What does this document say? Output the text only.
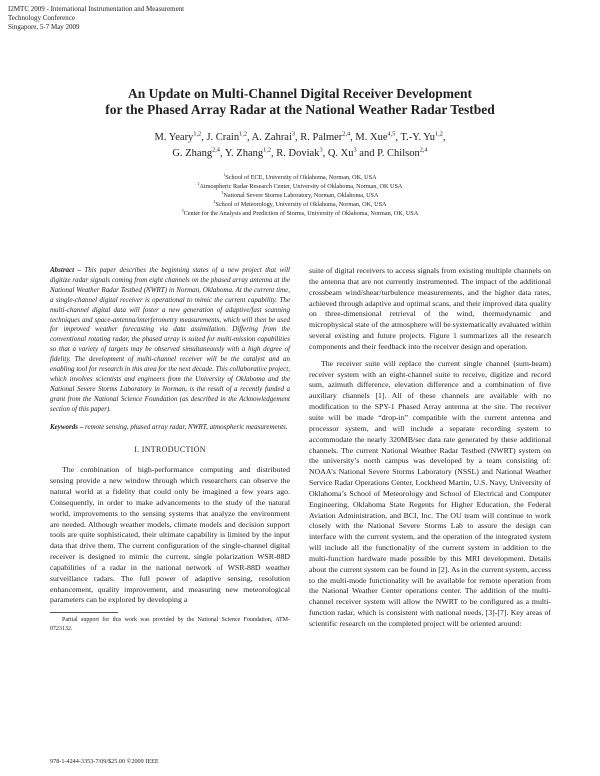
I2MTC 2009 - International Instrumentation and Measurement
Technology Conference
Singapore, 5-7 May 2009
An Update on Multi-Channel Digital Receiver Development
for the Phased Array Radar at the National Weather Radar Testbed
M. Yeary$^{1,2}$, J. Crain$^{1,2}$, A. Zahrai$^3$, R. Palmer$^{2,4}$, M. Xue$^{4,5}$, T.-Y. Yu$^{1,2}$,
G. Zhang$^{2,4}$, Y. Zhang$^{1,2}$, R. Doviak$^3$, Q. Xu$^3$ and P. Chilson$^{2,4}$
$^1$School of ECE, University of Oklahoma, Norman, OK, USA
$^2$Atmospheric Radar Research Center, University of Oklahoma, Norman, OK USA
$^3$National Severe Storms Laboratory, Norman, Oklahoma, USA
$^4$School of Meteorology, University of Oklahoma, Norman, OK, USA
$^5$Center for the Analysis and Prediction of Storms, University of Oklahoma, Norman, OK, USA
Abstract – This paper describes the beginning states of a new project that will digitize radar signals coming from eight channels on the phased array antenna at the National Weather Radar Testbed (NWRT) in Norman, Oklahoma. At the current time, a single-channel digital receiver is operational to mimic the current capability. The multi-channel digital data will foster a new generation of adaptive/fast scanning techniques and space-antenna/interferometry measurements, which will then be used for improved weather forecasting via data assimilation. Differing from the conventional rotating radar, the phased array is suited for multi-mission capabilities so that a variety of targets may be observed simultaneously with a high degree of fidelity. The development of multi-channel receiver will be the catalyst and an enabling tool for research in this area for the next decade. This collaborative project, which involves scientists and engineers from the University of Oklahoma and the National Severe Storms Laboratory in Norman, is the result of a recently funded a grant from the National Science Foundation (as described in the Acknowledgement section of this paper).
Keywords – remote sensing, phased array radar, NWRT, atmospheric measurements.
I. INTRODUCTION

The combination of high-performance computing and distributed sensing provide a new window through which researchers can observe the natural world at a fidelity that could only be imagined a few years ago. Consequently, in order to make advancements to the study of the natural world, improvements to the sensing systems that analyze the environment are needed. Although weather models, climate models and decision support tools are quite sophisticated, their ultimate capability is limited by the input data that drive them. The current configuration of the single-channel digital receiver is designed to mimic the current, single polarization WSR-88D capabilities of a radar in the national network of WSR-88D weather surveillance radars. The full power of adaptive sensing, resolution enhancement, quality improvement, and measuring new meteorological parameters can be explored by developing a

Partial support for this work was provided by the National Science Foundation, ATM-0723132.

suite of digital receivers to access signals from existing multiple channels on the antenna that are not currently instrumented. The impact of the additional crossbeam wind/shear/turbulence measurements, and the higher data rates, achieved through adaptive and optimal scans, and their improved data quality on three-dimensional retrieval of the wind, thermodynamic and microphysical state of the atmosphere will be systematically evaluated within several existing and future projects. Figure 1 summarizes all the research components and their feedback into the receiver design and operation.

The receiver suite will replace the current single channel (sum-beam) receiver system with an eight-channel suite to receive, digitize and record sum, azimuth difference, elevation difference and a combination of five auxiliary channels [1]. All of these channels are available with no modification to the SPY-1 Phased Array antenna at the site. The receiver suite will be made “drop-in” compatible with the current antenna and processor system, and will include a separate recording system to accommodate the nearly 320MB/sec data rate generated by these additional channels. The current National Weather Radar Testbed (NWRT) system on the university’s north campus was developed by a team consisting of: NOAA’s National Severe Storms Laboratory (NSSL) and National Weather Service Radar Operations Center, Lockheed Martin, U.S. Navy, University of Oklahoma’s School of Meteorology and School of Electrical and Computer Engineering, Oklahoma State Regents for Higher Education, the Federal Aviation Administration, and BCI, Inc. The OU team will continue to work closely with the National Severe Storms Lab to assure the design can interface with the current system, and the operation of the integrated system will include all the functionality of the current system in addition to the multi-function hardware made possible by this MRI development. Details about the current system can be found in [2]. As in the current system, access to the multi-mode functionality will be available for remote operation from the National Weather Center operations center. The addition of the multi-channel receiver system will allow the NWRT to be configured as a multi-function radar, which is consistent with national needs, [3]-[7]. Key areas of scientific research on the completed project will be oriented around:

978-1-4244-3353-7/09/$25.00 ©2009 IEEE
